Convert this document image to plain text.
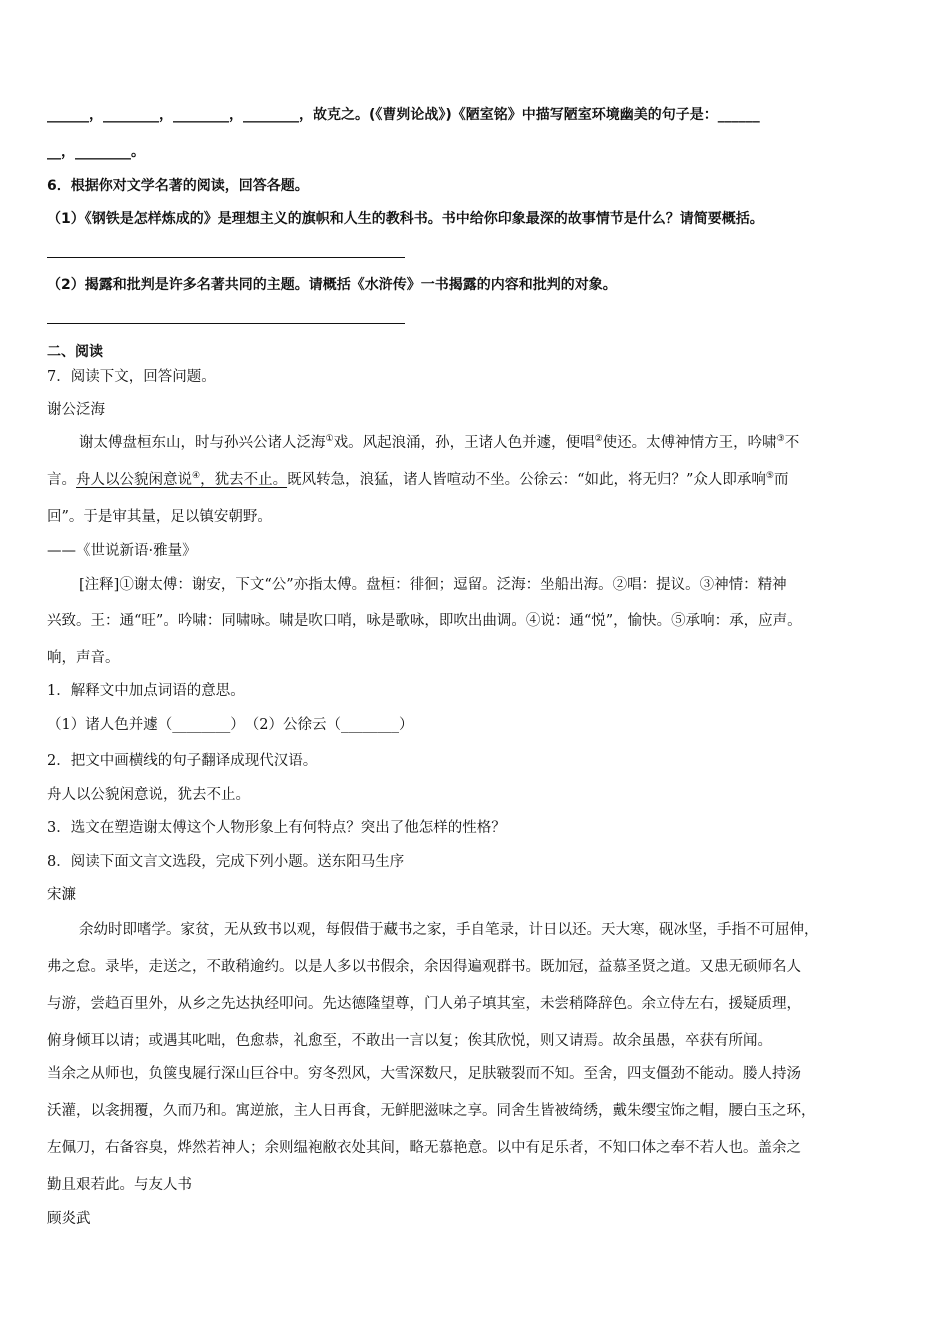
______，________，________，________，故克之。(《曹刿论战》)《陋室铭》中描写陋室环境幽美的句子是：______
__，________。
6．根据你对文学名著的阅读，回答各题。
（1）《钢铁是怎样炼成的》是理想主义的旗帜和人生的教科书。书中给你印象最深的故事情节是什么？请简要概括。
（2）揭露和批判是许多名著共同的主题。请概括《水浒传》一书揭露的内容和批判的对象。
二、阅读
7．阅读下文，回答问题。
谢公泛海
谢太傅盘桓东山，时与孙兴公诸人泛海①戏。风起浪涌，孙，王诸人色并遽，便唱②使还。太傅神情方王，吟啸③不
言。舟人以公貌闲意说④，犹去不止。既风转急，浪猛，诸人皆喧动不坐。公徐云：“如此，将无归？”众人即承响⑤而
回”。于是审其量，足以镇安朝野。
——《世说新语·雅量》
[注释]①谢太傅：谢安，下文“公”亦指太傅。盘桓：徘徊；逗留。泛海：坐船出海。②唱：提议。③神情：精神
兴致。王：通“旺”。吟啸：同啸咏。啸是吹口哨，咏是歌咏，即吹出曲调。④说：通“悦”，愉快。⑤承响：承，应声。
响，声音。
1．解释文中加点词语的意思。
（1）诸人色并遽（________）　（2）公徐云（________）
2．把文中画横线的句子翻译成现代汉语。
舟人以公貌闲意说，犹去不止。
3．选文在塑造谢太傅这个人物形象上有何特点？突出了他怎样的性格？
8．阅读下面文言文选段，完成下列小题。送东阳马生序
宋濂
余幼时即嗜学。家贫，无从致书以观，每假借于藏书之家，手自笔录，计日以还。天大寒，砚冰坚，手指不可屈伸，
弗之怠。录毕，走送之，不敢稍逾约。以是人多以书假余，余因得遍观群书。既加冠，益慕圣贤之道。又患无硕师名人
与游，尝趋百里外，从乡之先达执经叩问。先达德隆望尊，门人弟子填其室，未尝稍降辞色。余立侍左右，援疑质理，
俯身倾耳以请；或遇其叱咄，色愈恭，礼愈至，不敢出一言以复；俟其欣悦，则又请焉。故余虽愚，卒获有所闻。
当余之从师也，负箧曳屣行深山巨谷中。穷冬烈风，大雪深数尺，足肤皲裂而不知。至舍，四支僵劲不能动。媵人持汤
沃灌，以衾拥覆，久而乃和。寓逆旅，主人日再食，无鲜肥滋味之享。同舍生皆被绮绣，戴朱缨宝饰之帽，腰白玉之环，
左佩刀，右备容臭，烨然若神人；余则缊袍敝衣处其间，略无慕艳意。以中有足乐者，不知口体之奉不若人也。盖余之
勤且艰若此。与友人书
顾炎武
